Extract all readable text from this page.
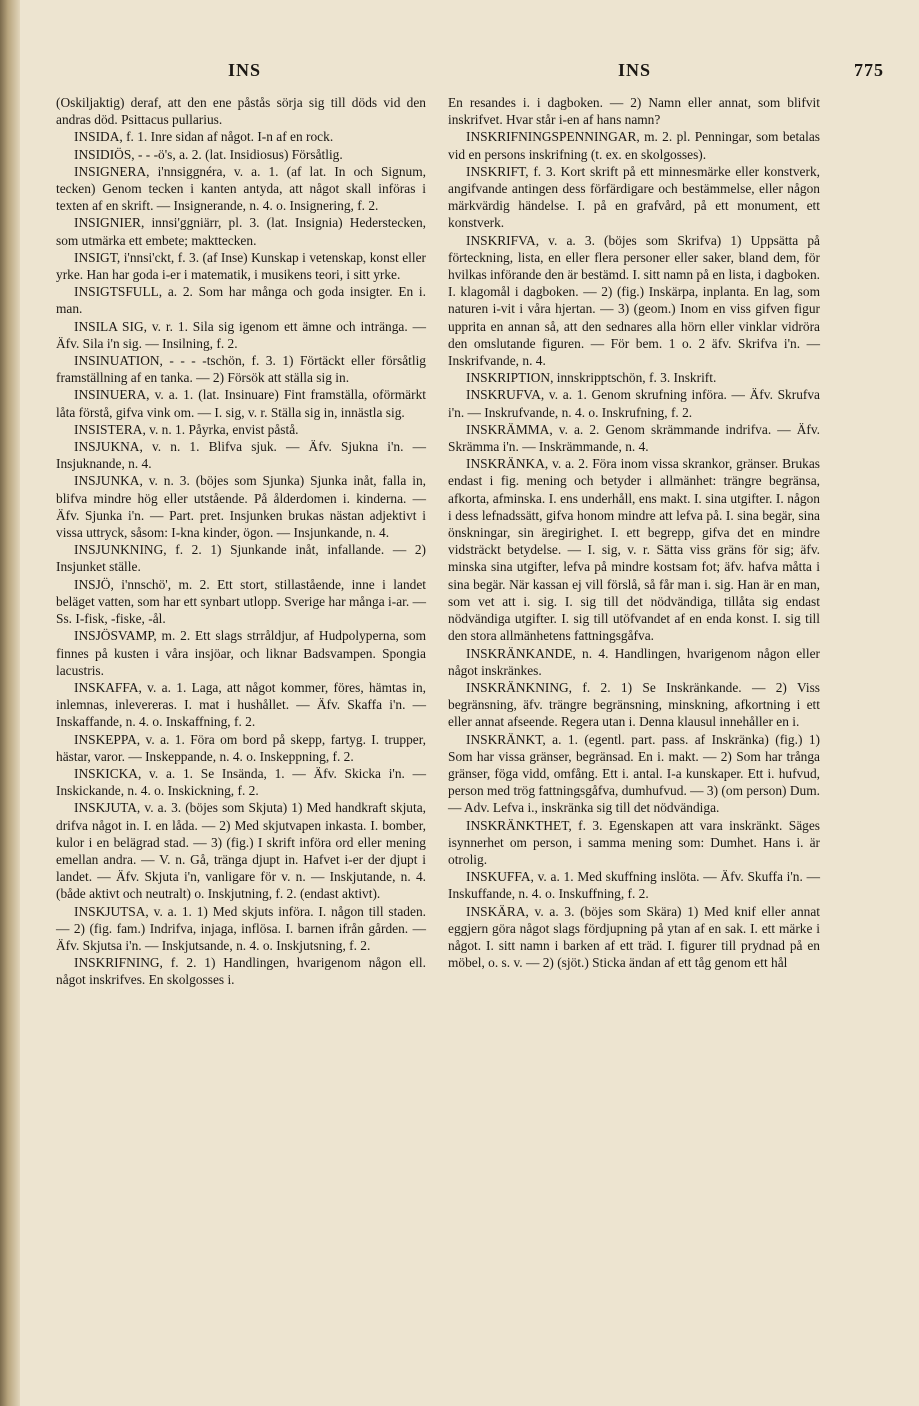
INS	INS	775

(Oskiljaktig) deraf, att den ene påstås sörja sig till döds vid den andras död. Psittacus pullarius.

INSIDA, f. 1. Inre sidan af något. I-n af en rock.

INSIDIÖS, - - -ö's, a. 2. (lat. Insidiosus) Försåtlig.

INSIGNERA, i'nnsiggnéra, v. a. 1. (af lat. In och Signum, tecken) Genom tecken i kanten antyda, att något skall införas i texten af en skrift. — Insignerande, n. 4. o. Insignering, f. 2.

INSIGNIER, innsi'ggniärr, pl. 3. (lat. Insignia) Hederstecken, som utmärka ett embete; makttecken.

INSIGT, i'nnsi'ckt, f. 3. (af Inse) Kunskap i vetenskap, konst eller yrke. Han har goda i-er i matematik, i musikens teori, i sitt yrke.

INSIGTSFULL, a. 2. Som har många och goda insigter. En i. man.

INSILA SIG, v. r. 1. Sila sig igenom ett ämne och intränga. — Äfv. Sila i'n sig. — Insilning, f. 2.

INSINUATION, - - - -tschön, f. 3. 1) Förtäckt eller försåtlig framställning af en tanka. — 2) Försök att ställa sig in.

INSINUERA, v. a. 1. (lat. Insinuare) Fint framställa, oförmärkt låta förstå, gifva vink om. — I. sig, v. r. Ställa sig in, innästla sig.

INSISTERA, v. n. 1. Påyrka, envist påstå.

INSJUKNA, v. n. 1. Blifva sjuk. — Äfv. Sjukna i'n. — Insjuknande, n. 4.

INSJUNKA, v. n. 3. (böjes som Sjunka) Sjunka inåt, falla in, blifva mindre hög eller utstående. På ålderdomen i. kinderna. — Äfv. Sjunka i'n. — Part. pret. Insjunken brukas nästan adjektivt i vissa uttryck, såsom: I-kna kinder, ögon. — Insjunkande, n. 4.

INSJUNKNING, f. 2. 1) Sjunkande inåt, infallande. — 2) Insjunket ställe.

INSJÖ, i'nnschö', m. 2. Ett stort, stillastående, inne i landet beläget vatten, som har ett synbart utlopp. Sverige har många i-ar. — Ss. I-fisk, -fiske, -ål.

INSJÖSVAMP, m. 2. Ett slags strråldjur, af Hudpolyperna, som finnes på kusten i våra insjöar, och liknar Badsvampen. Spongia lacustris.

INSKAFFA, v. a. 1. Laga, att något kommer, föres, hämtas in, inlemnas, inlevereras. I. mat i hushållet. — Äfv. Skaffa i'n. — Inskaffande, n. 4. o. Inskaffning, f. 2.

INSKEPPA, v. a. 1. Föra om bord på skepp, fartyg. I. trupper, hästar, varor. — Inskeppande, n. 4. o. Inskeppning, f. 2.

INSKICKA, v. a. 1. Se Insända, 1. — Äfv. Skicka i'n. — Inskickande, n. 4. o. Inskickning, f. 2.

INSKJUTA, v. a. 3. (böjes som Skjuta) 1) Med handkraft skjuta, drifva något in. I. en låda. — 2) Med skjutvapen inkasta. I. bomber, kulor i en belägrad stad. — 3) (fig.) I skrift införa ord eller mening emellan andra. — V. n. Gå, tränga djupt in. Hafvet i-er der djupt i landet. — Äfv. Skjuta i'n, vanligare för v. n. — Inskjutande, n. 4. (både aktivt och neutralt) o. Inskjutning, f. 2. (endast aktivt).

INSKJUTSA, v. a. 1. 1) Med skjuts införa. I. någon till staden. — 2) (fig. fam.) Indrifva, injaga, inflösa. I. barnen ifrån gården. — Äfv. Skjutsa i'n. — Inskjutsande, n. 4. o. Inskjutsning, f. 2.

INSKRIFNING, f. 2. 1) Handlingen, hvarigenom någon ell. något inskrifves. En skolgosses i.

En resandes i. i dagboken. — 2) Namn eller annat, som blifvit inskrifvet. Hvar står i-en af hans namn?

INSKRIFNINGSPENNINGAR, m. 2. pl. Penningar, som betalas vid en persons inskrifning (t. ex. en skolgosses).

INSKRIFT, f. 3. Kort skrift på ett minnesmärke eller konstverk, angifvande antingen dess förfärdigare och bestämmelse, eller någon märkvärdig händelse. I. på en grafvård, på ett monument, ett konstverk.

INSKRIFVA, v. a. 3. (böjes som Skrifva) 1) Uppsätta på förteckning, lista, en eller flera personer eller saker, bland dem, för hvilkas införande den är bestämd. I. sitt namn på en lista, i dagboken. I. klagomål i dagboken. — 2) (fig.) Inskärpa, inplanta. En lag, som naturen i-vit i våra hjertan. — 3) (geom.) Inom en viss gifven figur upprita en annan så, att den sednares alla hörn eller vinklar vidröra den omslutande figuren. — För bem. 1 o. 2 äfv. Skrifva i'n. — Inskrifvande, n. 4.

INSKRIPTION, innskripptschön, f. 3. Inskrift.

INSKRUFVA, v. a. 1. Genom skrufning införa. — Äfv. Skrufva i'n. — Inskrufvande, n. 4. o. Inskrufning, f. 2.

INSKRÄMMA, v. a. 2. Genom skrämmande indrifva. — Äfv. Skrämma i'n. — Inskrämmande, n. 4.

INSKRÄNKA, v. a. 2. Föra inom vissa skrankor, gränser. Brukas endast i fig. mening och betyder i allmänhet: trängre begränsa, afkorta, afminska. I. ens underhåll, ens makt. I. sina utgifter. I. någon i dess lefnadssätt, gifva honom mindre att lefva på. I. sina begär, sina önskningar, sin äregirighet. I. ett begrepp, gifva det en mindre vidsträckt betydelse. — I. sig, v. r. Sätta viss gräns för sig; äfv. minska sina utgifter, lefva på mindre kostsam fot; äfv. hafva måtta i sina begär. När kassan ej vill förslå, så får man i. sig. Han är en man, som vet att i. sig. I. sig till det nödvändiga, tillåta sig endast nödvändiga utgifter. I. sig till utöfvandet af en enda konst. I. sig till den stora allmänhetens fattningsgåfva.

INSKRÄNKANDE, n. 4. Handlingen, hvarigenom någon eller något inskränkes.

INSKRÄNKNING, f. 2. 1) Se Inskränkande. — 2) Viss begränsning, äfv. trängre begränsning, minskning, afkortning i ett eller annat afseende. Regera utan i. Denna klausul innehåller en i.

INSKRÄNKT, a. 1. (egentl. part. pass. af Inskränka) (fig.) 1) Som har vissa gränser, begränsad. En i. makt. — 2) Som har trånga gränser, föga vidd, omfång. Ett i. antal. I-a kunskaper. Ett i. hufvud, person med trög fattningsgåfva, dumhufvud. — 3) (om person) Dum. — Adv. Lefva i., inskränka sig till det nödvändiga.

INSKRÄNKTHET, f. 3. Egenskapen att vara inskränkt. Säges isynnerhet om person, i samma mening som: Dumhet. Hans i. är otrolig.

INSKUFFA, v. a. 1. Med skuffning inslöta. — Äfv. Skuffa i'n. — Inskuffande, n. 4. o. Inskuffning, f. 2.

INSKÄRA, v. a. 3. (böjes som Skära) 1) Med knif eller annat eggjern göra något slags fördjupning på ytan af en sak. I. ett märke i något. I. sitt namn i barken af ett träd. I. figurer till prydnad på en möbel, o. s. v. — 2) (sjöt.) Sticka ändan af ett tåg genom ett hål
